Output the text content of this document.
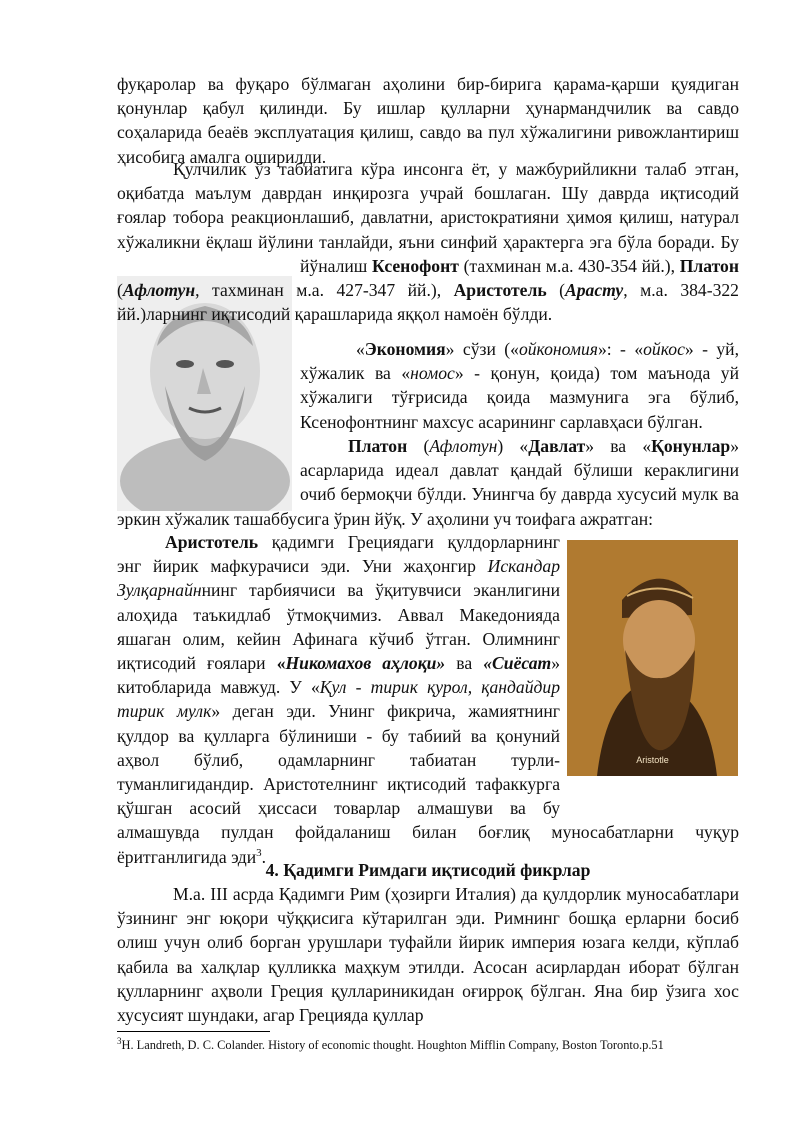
фуқаролар ва фуқаро бўлмаган аҳолини бир-бирига қарама-қарши қуядиган қонунлар қабул қилинди. Бу ишлар қулларни ҳунармандчилик ва савдо соҳаларида беаёв эксплуатация қилиш, савдо ва пул хўжалигини ривожлантириш ҳисобига амалга оширилди.

Қулчилик ўз табиатига кўра инсонга ёт, у мажбурийликни талаб этган, оқибатда маълум даврдан инқирозга учрай бошлаган. Шу даврда иқтисодий ғоялар тобора реакционлашиб, давлатни, аристократияни ҳимоя қилиш, натурал хўжаликни ёқлаш йўлини танлайди, яъни синфий ҳарактерга эга бўла боради. Бу йўналиш Ксенофонт (тахминан м.а. 430-354 йй.), Платон
(Афлотун, тахминан м.а. 427-347 йй.), Аристотель (Арасту, м.а. 384-322 йй.)ларнинг иқтисодий қарашларида яққол намоён бўлди.

«Экономия» сўзи («ойкономия»: - «ойкос» - уй, хўжалик ва «номос» - қонун, қоида) том маънода уй хўжалиги тўғрисида қоида мазмунига эга бўлиб, Ксенофонтнинг махсус асарининг сарлавҳаси бўлган.

Платон (Афлотун) «Давлат» ва «Қонунлар» асарларида идеал давлат қандай бўлиши кераклигини очиб бермоқчи бўлди. Унингча бу даврда хусусий мулк ва эркин хўжалик ташаббусига ўрин йўқ. У аҳолини уч тоифага ажратган:

Aristotle

Аристотель қадимги Грециядаги қулдорларнинг энг йирик мафкурачиси эди. Уни жаҳонгир Искандар Зулқарнайннинг тарбиячиси ва ўқитувчиси эканлигини алоҳида таъкидлаб ўтмоқчимиз. Аввал Македонияда яшаган олим, кейин Афинага кўчиб ўтган. Олимнинг иқтисодий ғоялари «Никомахов аҳлоқи» ва «Сиёсат» китобларида мавжуд. У «Қул - тирик қурол, қандайдир тирик мулк» деган эди. Унинг фикрича, жамиятнинг қулдор ва қулларга бўлиниши - бу табиий ва қонуний аҳвол бўлиб, одамларнинг табиатан турли-туманлигидандир. Аристотелнинг иқтисодий тафаккурга қўшган асосий ҳиссаси товарлар алмашуви ва бу алмашувда пулдан фойдаланиш билан боғлиқ муносабатларни чуқур ёритганлигида эди$^3$.

4. Қадимги Римдаги иқтисодий фикрлар

М.а. III асрда Қадимги Рим (ҳозирги Италия) да қулдорлик муносабатлари ўзининг энг юқори чўққисига кўтарилган эди. Римнинг бошқа ерларни босиб олиш учун олиб борган урушлари туфайли йирик империя юзага келди, кўплаб қабила ва халқлар қулликка маҳкум этилди. Асосан асирлардан иборат бўлган қулларнинг аҳволи Греция қуллариникидан оғирроқ бўлган. Яна бир ўзига хос хусусият шундаки, агар Грецияда қуллар

$^3$H. Landreth, D. C. Colander. History of economic thought. Houghton Mifflin Company, Boston Toronto.p.51
